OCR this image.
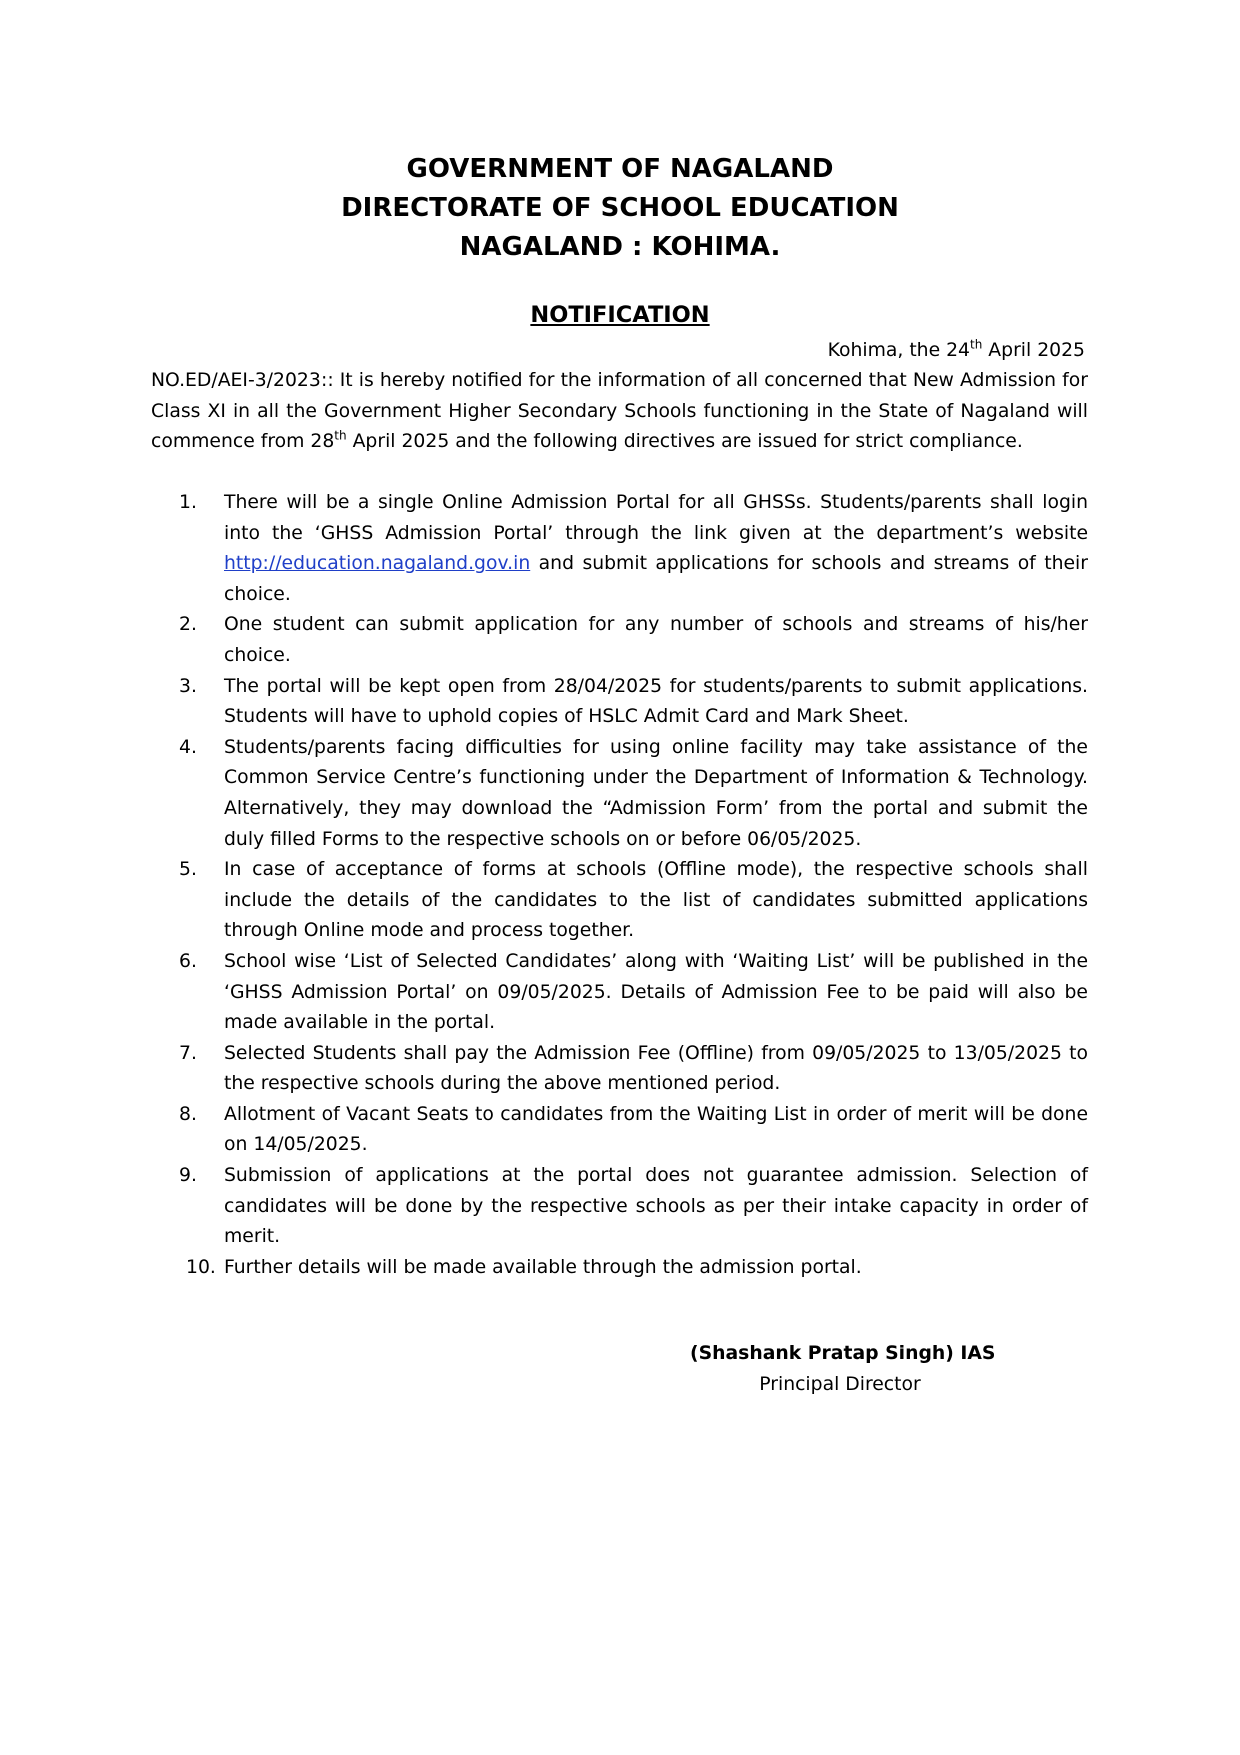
GOVERNMENT OF NAGALAND
DIRECTORATE OF SCHOOL EDUCATION
NAGALAND : KOHIMA.
NOTIFICATION
Kohima, the 24th April 2025
NO.ED/AEI-3/2023:: It is hereby notified for the information of all concerned that New Admission for Class XI in all the Government Higher Secondary Schools functioning in the State of Nagaland will commence from 28th April 2025 and the following directives are issued for strict compliance.
1. There will be a single Online Admission Portal for all GHSSs. Students/parents shall login into the ‘GHSS Admission Portal’ through the link given at the department’s website http://education.nagaland.gov.in and submit applications for schools and streams of their choice.
2. One student can submit application for any number of schools and streams of his/her choice.
3. The portal will be kept open from 28/04/2025 for students/parents to submit applications. Students will have to uphold copies of HSLC Admit Card and Mark Sheet.
4. Students/parents facing difficulties for using online facility may take assistance of the Common Service Centre’s functioning under the Department of Information & Technology. Alternatively, they may download the “Admission Form’ from the portal and submit the duly filled Forms to the respective schools on or before 06/05/2025.
5. In case of acceptance of forms at schools (Offline mode), the respective schools shall include the details of the candidates to the list of candidates submitted applications through Online mode and process together.
6. School wise ‘List of Selected Candidates’ along with ‘Waiting List’ will be published in the ‘GHSS Admission Portal’ on 09/05/2025. Details of Admission Fee to be paid will also be made available in the portal.
7. Selected Students shall pay the Admission Fee (Offline) from 09/05/2025 to 13/05/2025 to the respective schools during the above mentioned period.
8. Allotment of Vacant Seats to candidates from the Waiting List in order of merit will be done on 14/05/2025.
9. Submission of applications at the portal does not guarantee admission. Selection of candidates will be done by the respective schools as per their intake capacity in order of merit.
10. Further details will be made available through the admission portal.
(Shashank Pratap Singh) IAS
Principal Director
